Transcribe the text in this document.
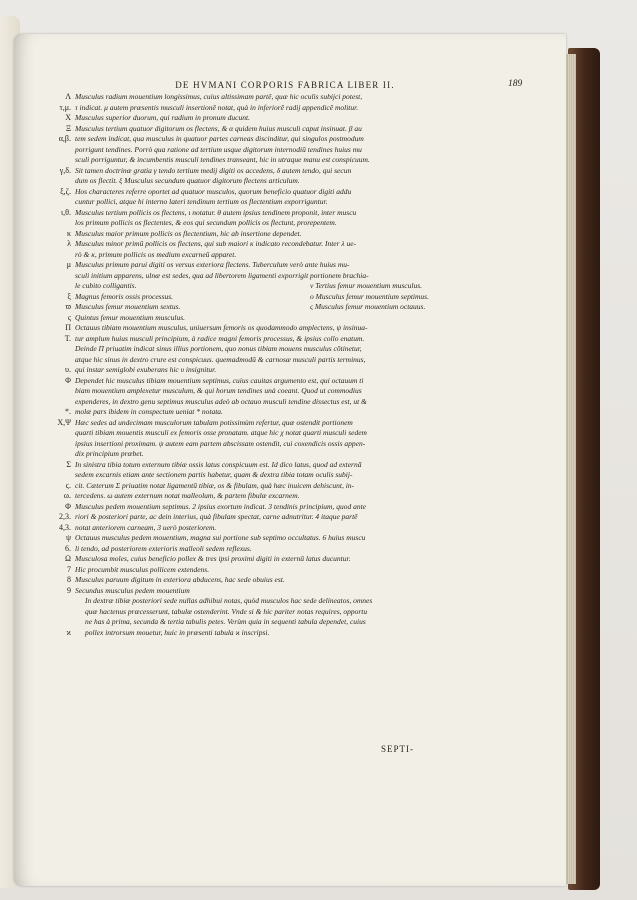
DE HVMANI CORPORIS FABRICA LIBER II.	189
Λ Musculus radium mouentium longissimus, cuius altissimam partē, quæ hic oculis subijci potest,
τ,μ. τ indicat. μ autem præsentis musculi insertionē notat, quà in inferiorē radij appendicē molitur.
Χ Musculus superior duorum, qui radium in pronum ducunt.
Ξ Musculus tertium quatuor digitorum os flectens, & α quidem huius musculi caput insinuat. β au
α,β. tem sedem indicat, qua musculus in quatuor partes carneas discinditur, qui singulos postmodum
porrigunt tendines. Porrò qua ratione ad tertium usque digitorum internodiū tendines huius mu
sculi porriguntur, & incumbentis musculi tendines transeant, hic in utraque manu est conspicuum.
γ,δ. Sit tamen doctrinæ gratia γ tendo tertium medij digiti os accedens, δ autem tendo, qui secun
dum os flectit. ξ Musculus secundum quatuor digitorum flectens articulum.
ξ,ζ. Hos characteres referre oportet ad quatuor musculos, quorum beneficio quatuor digiti addu
cuntur pollici, atque hi interno lateri tendinum tertium os flectentium exporriguntur.
ι,θ. Musculus tertium pollicis os flectens, ι notatur. θ autem ipsius tendinem proponit, inter muscu
los primum pollicis os flectentes, & eos qui secundum pollicis os flectunt, prorepentem.
κ Musculus maior primum pollicis os flectentium, hic ab insertione dependet.
λ Musculus minor primū pollicis os flectens, qui sub maiori κ indicato recondebatur. Inter λ ue-
rò & κ, primum pollicis os medium excarneū apparet.
μ Musculus primum parui digiti os versus exteriora flectens. Tuberculum verò ante huius mu-
sculi initium apparens, ulnæ est sedes, qua ad libertorem ligamenti exporrigit portionem brachia-
le cubito colligantis.	ν Tertius femur mouentium musculus.
ξ Magnus femoris ossis processus.	ο Musculus femur mouentium septimus.
ϖ Musculus femur mouentium sextus.	ς Musculus femur mouentium octauus.
ς Quintus femur mouentium musculus.
Π Octauus tibiam mouentium musculus, uniuersum femoris os quodammodo amplectens, ψ insinua-
Τ. tur amplum huius musculi principium, à radice magni femoris processus, & ipsius collo enatum.
Deinde Π priuatim indicat sinus illius portionem, quo nonus tibiam mouens musculus cōtinetur,
atque hic sinus in dextro crure est conspicuus. quemadmodū & carnosæ musculi partis terminus,
υ. qui instar semiglobi exuberans hic υ insignitur.
Φ Dependet hic musculus tibiam mouentium septimus, cuius cauitas argumento est, qui octauum ti
biam mouentium amplexetur musculum, & qui horum tendines unà coeant. Quod ut commodius
expenderes, in dextro genu septimus musculus adeò ab octauo musculi tendine dissectus est, ut &
*. molæ pars ibidem in conspectum ueniat * notata.
Χ,Ψ Hæc sedes ad undecimam musculorum tabulam potissimùm refertur, quæ ostendit portionem
quarti tibiam mouentis musculi ex femoris osse pronatam. atque hic χ notat quarti musculi sedem
ipsius insertioni proximam. ψ autem eam partem abscissam ostendit, cui coxendicis ossis appen-
dix principium præbet.
Σ In sinistra tibia totum externum tibiæ ossis latus conspicuum est. Id dico latus, quod ad externā
sedem excarnis etiam ante sectionem partis habetur, quam & dextra tibia totam oculis subij-
ϛ. cit. Cæterum Σ priuatim notat ligamentū tibiæ, os & fibulam, quà hæc inuicem dehiscunt, in-
ω. tercedens. ω autem externum notat malleolum, & partem fibulæ excarnem.
Φ Musculus pedem mouentium septimus. 2 ipsius exortum indicat. 3 tendinis principium, quod ante
2,3. riori & posteriori parte, ac dein interius, quà fibulam spectat, carne adnutritur. 4 itaque partē
4,3. notat anteriorem carneam, 3 uerò posteriorem.
ψ Octauus musculus pedem mouentium, magna sui portione sub septimo occultatus. 6 huius muscu
6. li tendo, ad posteriorem exterioris malleoli sedem reflexus.
Ω Musculosa moles, cuius beneficio pollex & tres ipsi proximi digiti in externū latus ducuntur.
7 Hic procumbit musculus pollicem extendens.
8 Musculus paruum digitum in exteriora abducens, hac sede obuius est.
9 Secundus musculus pedem mouentium
In dextræ tibiæ posteriori sede nullas adhibui notas, quòd musculos hac sede delineatos, omnes
quæ hactenus præcesserunt, tabulæ ostenderint. Vnde si & hic pariter notas requires, opportu
ne has à prima, secunda & tertia tabulis petes. Verùm quia in sequenti tabula dependet, cuius
ϰ pollex introrsum mouetur, huic in præsenti tabula ϰ inscripsi.
SEPTI-
